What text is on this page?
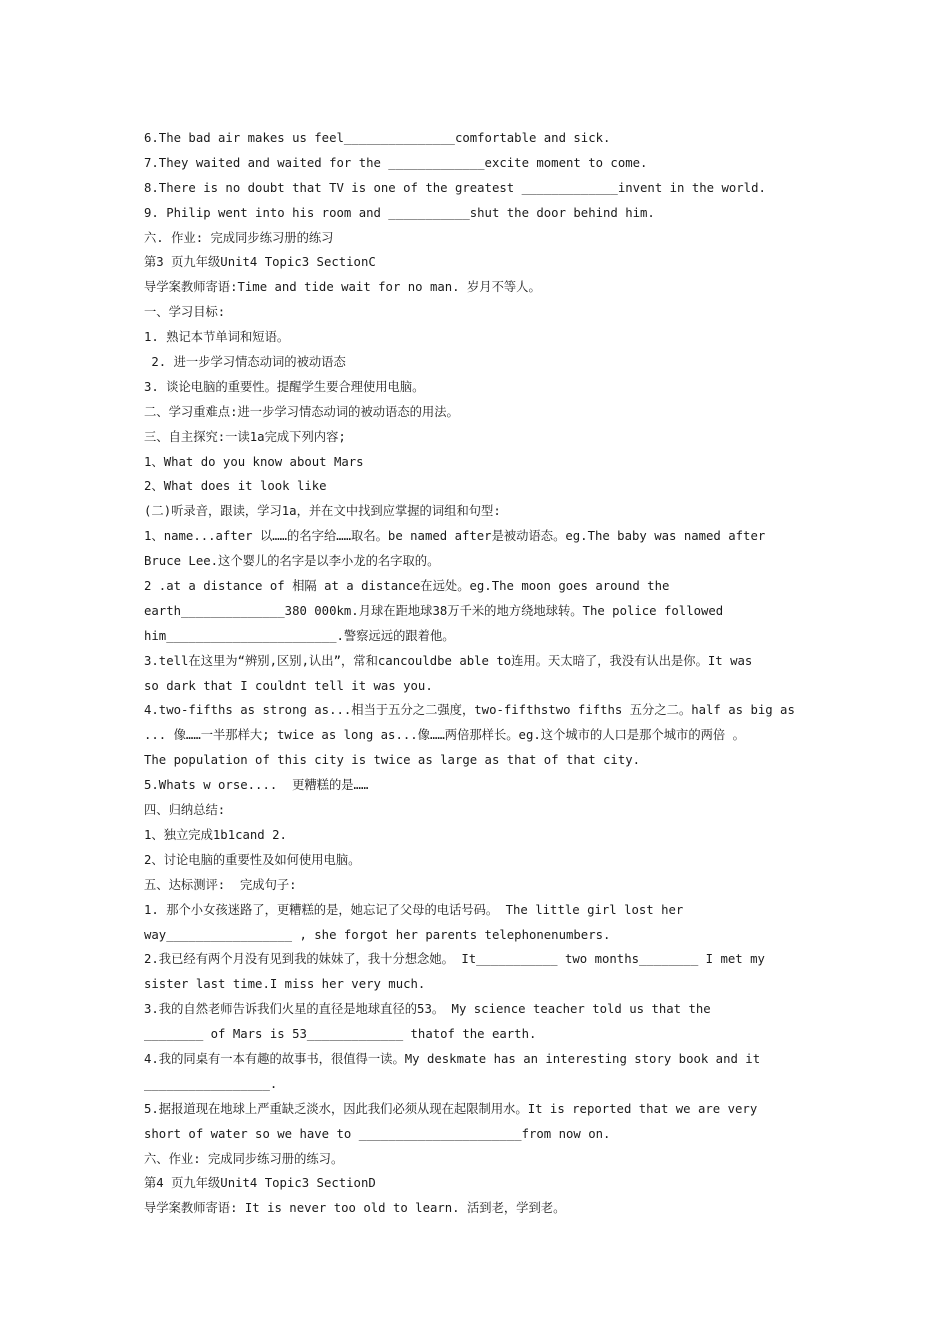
6.The bad air makes us feel_______________comfortable and sick.
7.They waited and waited for the _____________excite moment to come.
8.There is no doubt that TV is one of the greatest _____________invent in the world.
9. Philip went into his room and ___________shut the door behind him.
六. 作业: 完成同步练习册的练习
第3 页九年级Unit4 Topic3 SectionC
导学案教师寄语:Time and tide wait for no man. 岁月不等人。
一、学习目标:
1. 熟记本节单词和短语。
2. 进一步学习情态动词的被动语态
3. 谈论电脑的重要性。提醒学生要合理使用电脑。
二、学习重难点:进一步学习情态动词的被动语态的用法。
三、自主探究:一读1a完成下列内容;
1、What do you know about Mars
2、What does it look like
(二)听录音，跟读，学习1a，并在文中找到应掌握的词组和句型:
1、name...after 以……的名字给……取名。be named after是被动语态。eg.The baby was named after
Bruce Lee.这个婴儿的名字是以李小龙的名字取的。
2 .at a distance of 相隔 at a distance在远处。eg.The moon goes around the
earth______________380 000km.月球在距地球38万千米的地方绕地球转。The police followed
him_______________________.警察远远的跟着他。
3.tell在这里为“辨别,区别,认出”，常和cancouldbe able to连用。天太暗了，我没有认出是你。It was
so dark that I couldnt tell it was you.
4.two-fifths as strong as...相当于五分之二强度，two-fifthstwo fifths 五分之二。half as big as
... 像……一半那样大; twice as long as...像……两倍那样长。eg.这个城市的人口是那个城市的两倍 。
The population of this city is twice as large as that of that city.
5.Whats w orse....  更糟糕的是……
四、归纳总结:
1、独立完成1b1cand 2.
2、讨论电脑的重要性及如何使用电脑。
五、达标测评:  完成句子:
1. 那个小女孩迷路了，更糟糕的是，她忘记了父母的电话号码。 The little girl lost her
way_________________ , she forgot her parents telephonenumbers.
2.我已经有两个月没有见到我的妹妹了，我十分想念她。 It___________ two months________ I met my
sister last time.I miss her very much.
3.我的自然老师告诉我们火星的直径是地球直径的53。 My science teacher told us that the
________ of Mars is 53_____________ thatof the earth.
4.我的同桌有一本有趣的故事书，很值得一读。My deskmate has an interesting story book and it
_________________.
5.据报道现在地球上严重缺乏淡水，因此我们必须从现在起限制用水。It is reported that we are very
short of water so we have to ______________________from now on.
六、作业: 完成同步练习册的练习。
第4 页九年级Unit4 Topic3 SectionD
导学案教师寄语: It is never too old to learn. 活到老，学到老。
